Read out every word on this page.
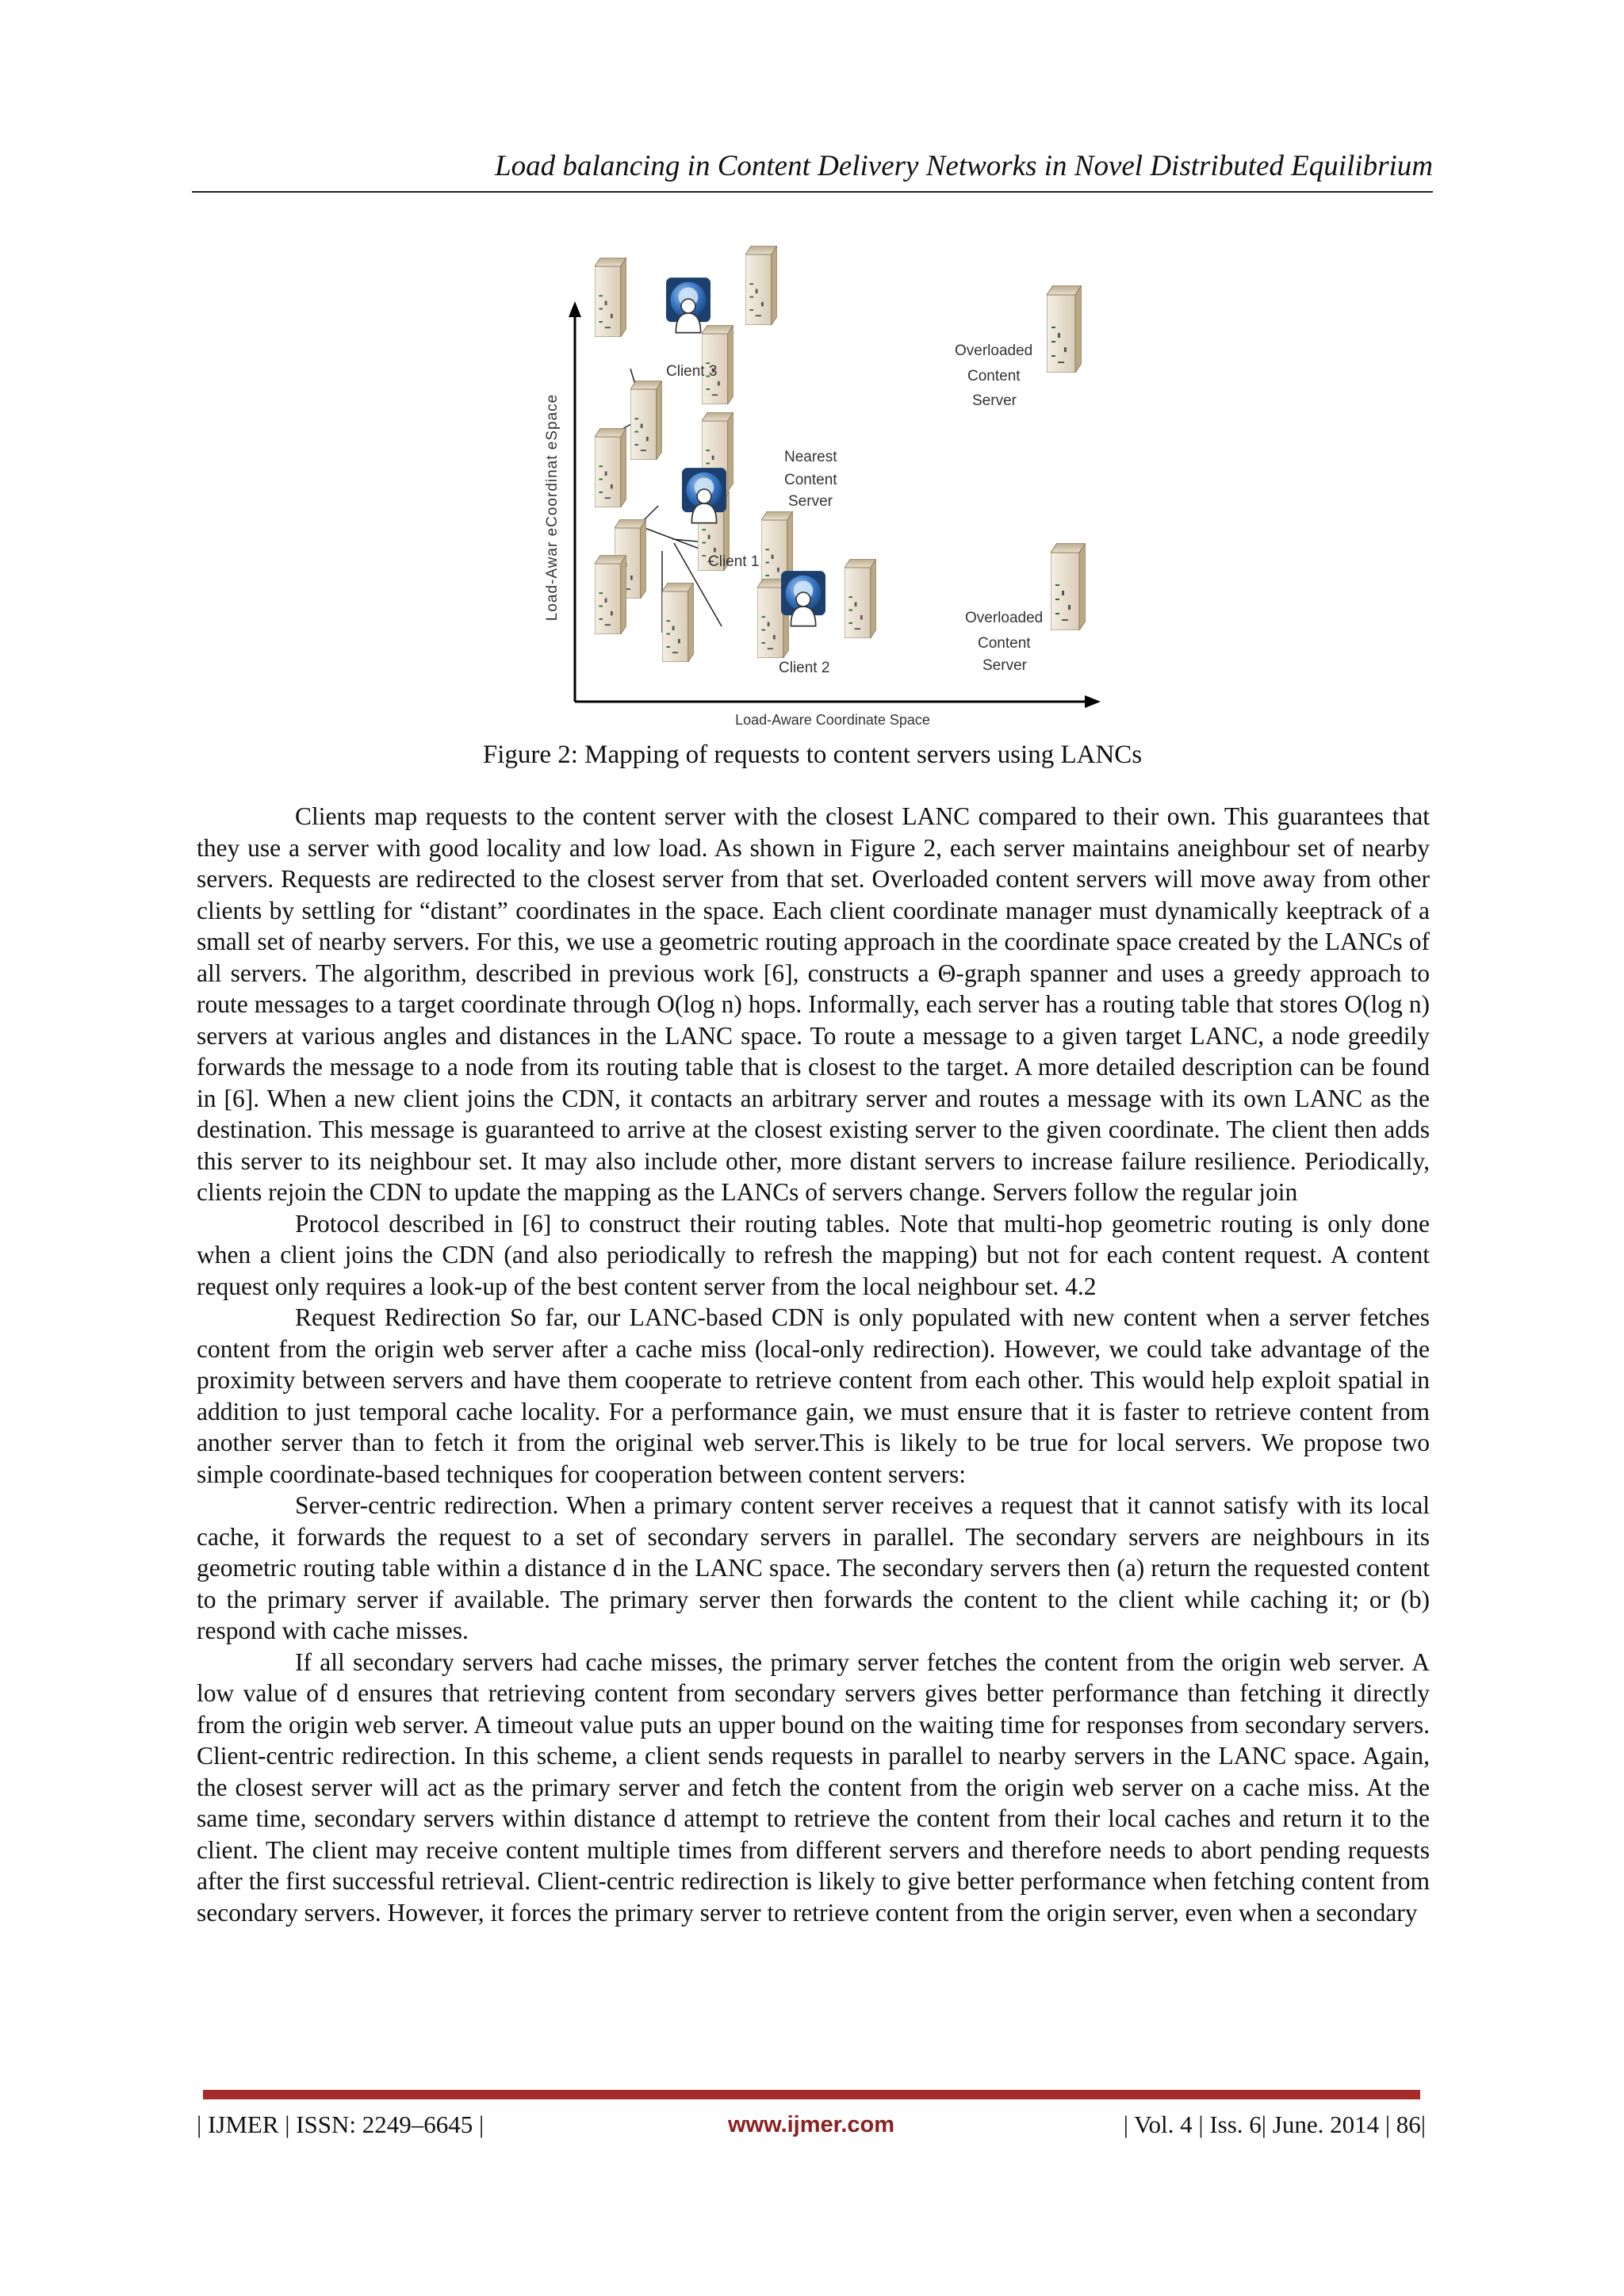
Load balancing in Content Delivery Networks in Novel Distributed Equilibrium
Load-Aware Coordinate Space
Load-Awar eCoordinat eSpace
Client 3
Client 1
Client 2
Nearest
Content
Server
Overloaded
Content
Server
Overloaded
Content
Server
Figure 2: Mapping of requests to content servers using LANCs

Clients map requests to the content server with the closest LANC compared to their own. This guarantees that they use a server with good locality and low load. As shown in Figure 2, each server maintains aneighbour set of nearby servers. Requests are redirected to the closest server from that set. Overloaded content servers will move away from other clients by settling for “distant” coordinates in the space. Each client coordinate manager must dynamically keeptrack of a small set of nearby servers. For this, we use a geometric routing approach in the coordinate space created by the LANCs of all servers. The algorithm, described in previous work [6], constructs a Θ-graph spanner and uses a greedy approach to route messages to a target coordinate through O(log n) hops. Informally, each server has a routing table that stores O(log n) servers at various angles and distances in the LANC space. To route a message to a given target LANC, a node greedily forwards the message to a node from its routing table that is closest to the target. A more detailed description can be found in [6]. When a new client joins the CDN, it contacts an arbitrary server and routes a message with its own LANC as the destination. This message is guaranteed to arrive at the closest existing server to the given coordinate. The client then adds this server to its neighbour set. It may also include other, more distant servers to increase failure resilience. Periodically, clients rejoin the CDN to update the mapping as the LANCs of servers change. Servers follow the regular join

Protocol described in [6] to construct their routing tables. Note that multi-hop geometric routing is only done when a client joins the CDN (and also periodically to refresh the mapping) but not for each content request. A content request only requires a look-up of the best content server from the local neighbour set. 4.2

Request Redirection So far, our LANC-based CDN is only populated with new content when a server fetches content from the origin web server after a cache miss (local-only redirection). However, we could take advantage of the proximity between servers and have them cooperate to retrieve content from each other. This would help exploit spatial in addition to just temporal cache locality. For a performance gain, we must ensure that it is faster to retrieve content from another server than to fetch it from the original web server.This is likely to be true for local servers. We propose two simple coordinate-based techniques for cooperation between content servers:

Server-centric redirection. When a primary content server receives a request that it cannot satisfy with its local cache, it forwards the request to a set of secondary servers in parallel. The secondary servers are neighbours in its geometric routing table within a distance d in the LANC space. The secondary servers then (a) return the requested content to the primary server if available. The primary server then forwards the content to the client while caching it; or (b) respond with cache misses.

If all secondary servers had cache misses, the primary server fetches the content from the origin web server. A low value of d ensures that retrieving content from secondary servers gives better performance than fetching it directly from the origin web server. A timeout value puts an upper bound on the waiting time for responses from secondary servers. Client-centric redirection. In this scheme, a client sends requests in parallel to nearby servers in the LANC space. Again, the closest server will act as the primary server and fetch the content from the origin web server on a cache miss. At the same time, secondary servers within distance d attempt to retrieve the content from their local caches and return it to the client. The client may receive content multiple times from different servers and therefore needs to abort pending requests after the first successful retrieval. Client-centric redirection is likely to give better performance when fetching content from secondary servers. However, it forces the primary server to retrieve content from the origin server, even when a secondary

| IJMER | ISSN: 2249–6645 |	www.ijmer.com	| Vol. 4 | Iss. 6| June. 2014 | 86|
